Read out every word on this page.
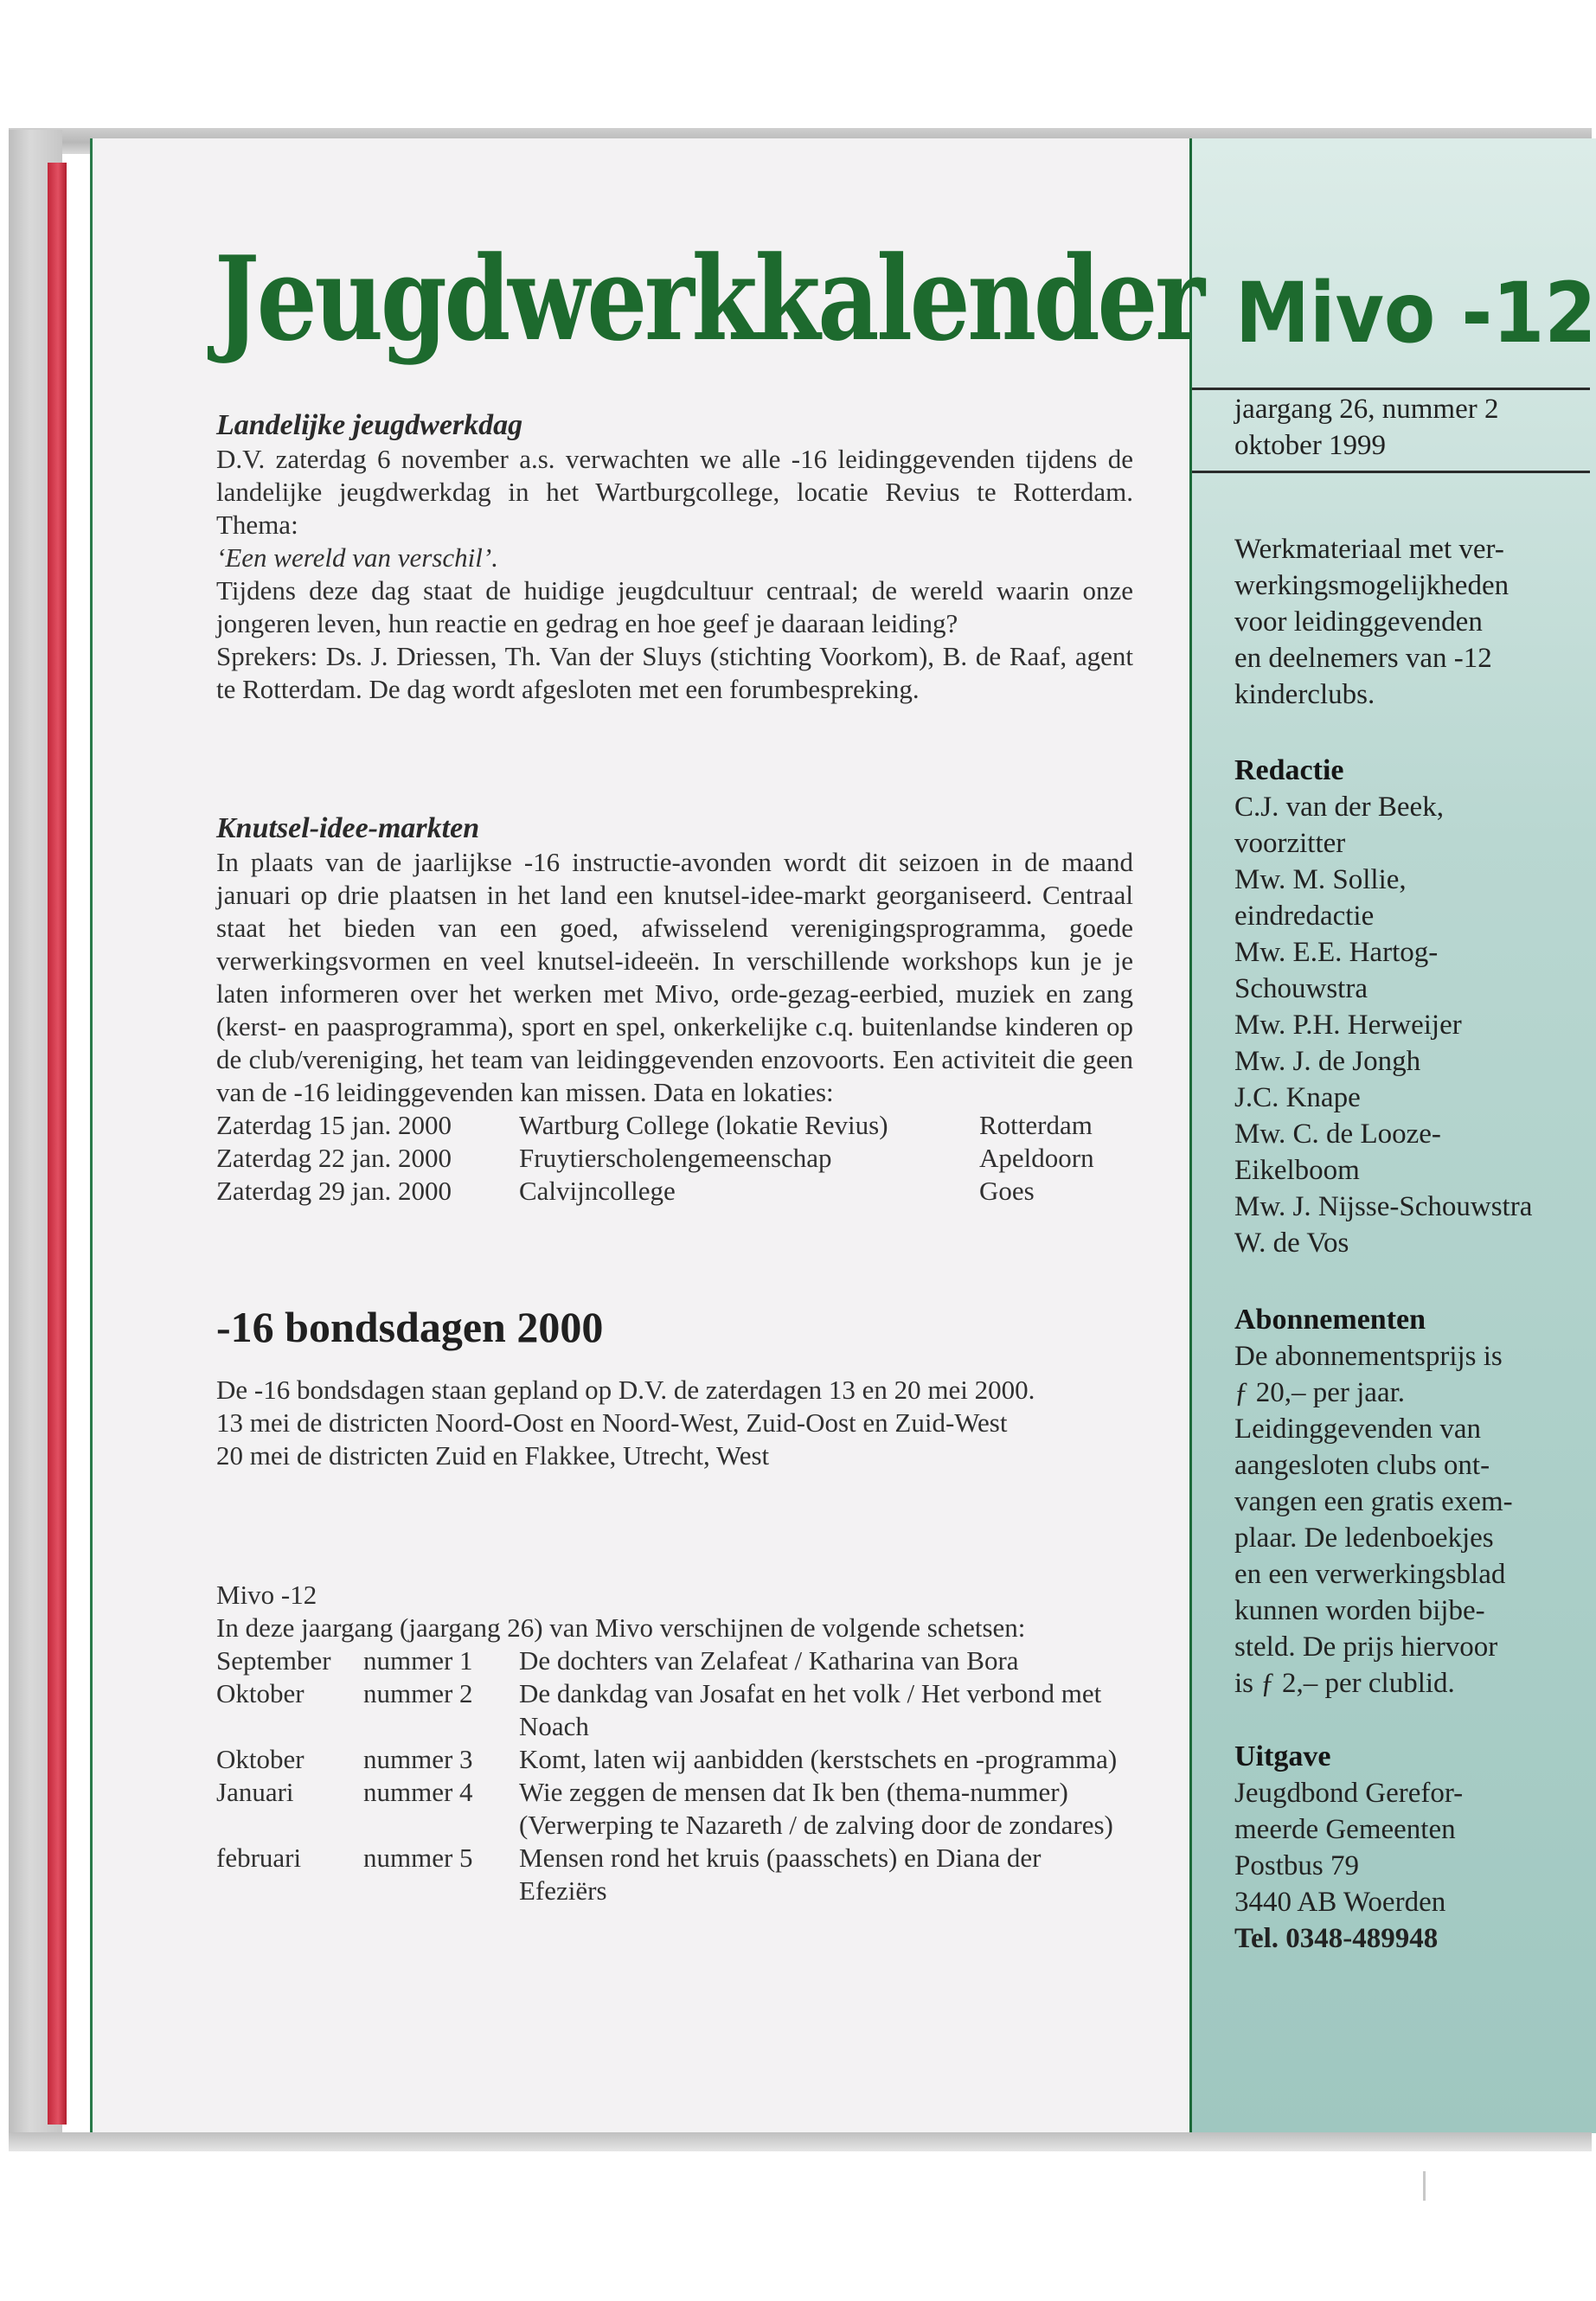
Jeugdwerkkalender

Landelijke jeugdwerkdag

D.V. zaterdag 6 november a.s. verwachten we alle -16 leidinggevenden tijdens de landelijke jeugdwerkdag in het Wartburgcollege, locatie Revius te Rotterdam. Thema:

‘Een wereld van verschil’.

Tijdens deze dag staat de huidige jeugdcultuur centraal; de wereld waarin onze jongeren leven, hun reactie en gedrag en hoe geef je daaraan leiding?

Sprekers: Ds. J. Driessen, Th. Van der Sluys (stichting Voorkom), B. de Raaf, agent te Rotterdam. De dag wordt afgesloten met een forumbespreking.

Knutsel-idee-markten

In plaats van de jaarlijkse -16 instructie-avonden wordt dit seizoen in de maand januari op drie plaatsen in het land een knutsel-idee-markt georganiseerd. Centraal staat het bieden van een goed, afwisselend verenigingsprogramma, goede verwerkingsvormen en veel knutsel-ideeën. In verschillende workshops kun je je laten informeren over het werken met Mivo, orde-gezag-eerbied, muziek en zang (kerst- en paasprogramma), sport en spel, onkerkelijke c.q. buitenlandse kinderen op de club/vereniging, het team van leidinggevenden enzovoorts. Een activiteit die geen van de -16 leidinggevenden kan missen. Data en lokaties:

Zaterdag 15 jan. 2000	Wartburg College (lokatie Revius)	Rotterdam
Zaterdag 22 jan. 2000	Fruytierscholengemeenschap	Apeldoorn
Zaterdag 29 jan. 2000	Calvijncollege	Goes

-16 bondsdagen 2000

De -16 bondsdagen staan gepland op D.V. de zaterdagen 13 en 20 mei 2000.

13 mei de districten Noord-Oost en Noord-West, Zuid-Oost en Zuid-West

20 mei de districten Zuid en Flakkee, Utrecht, West

Mivo -12

In deze jaargang (jaargang 26) van Mivo verschijnen de volgende schetsen:

September	nummer 1	De dochters van Zelafeat / Katharina van Bora
Oktober	nummer 2	De dankdag van Josafat en het volk / Het verbond met Noach
Oktober	nummer 3	Komt, laten wij aanbidden (kerstschets en -programma)
Januari	nummer 4	Wie zeggen de mensen dat Ik ben (thema-nummer)
(Verwerping te Nazareth / de zalving door de zondares)

februari	nummer 5	Mensen rond het kruis (paasschets) en Diana der Efeziërs
Mivo -12

jaargang 26, nummer 2

oktober 1999

Werkmateriaal met ver-

werkingsmogelijkheden

voor leidinggevenden

en deelnemers van -12

kinderclubs.

Redactie

C.J. van der Beek,

voorzitter

Mw. M. Sollie,

eindredactie

Mw. E.E. Hartog-

Schouwstra

Mw. P.H. Herweijer

Mw. J. de Jongh

J.C. Knape

Mw. C. de Looze-

Eikelboom

Mw. J. Nijsse-Schouwstra

W. de Vos

Abonnementen

De abonnementsprijs is

ƒ 20,– per jaar.

Leidinggevenden van

aangesloten clubs ont-

vangen een gratis exem-

plaar. De ledenboekjes

en een verwerkingsblad

kunnen worden bijbe-

steld. De prijs hiervoor

is ƒ 2,– per clublid.

Uitgave

Jeugdbond Gerefor-

meerde Gemeenten

Postbus 79

3440 AB Woerden

Tel. 0348-489948
